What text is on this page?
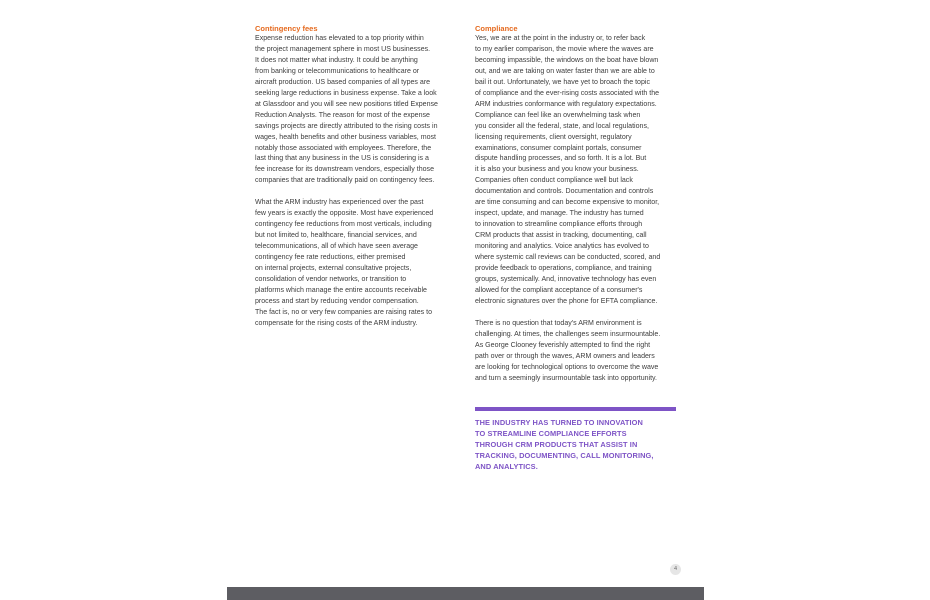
Contingency fees
Expense reduction has elevated to a top priority within
the project management sphere in most US businesses.
It does not matter what industry. It could be anything
from banking or telecommunications to healthcare or
aircraft production. US based companies of all types are
seeking large reductions in business expense. Take a look
at Glassdoor and you will see new positions titled Expense
Reduction Analysts. The reason for most of the expense
savings projects are directly attributed to the rising costs in
wages, health benefits and other business variables, most
notably those associated with employees. Therefore, the
last thing that any business in the US is considering is a
fee increase for its downstream vendors, especially those
companies that are traditionally paid on contingency fees.
What the ARM industry has experienced over the past
few years is exactly the opposite. Most have experienced
contingency fee reductions from most verticals, including
but not limited to, healthcare, financial services, and
telecommunications, all of which have seen average
contingency fee rate reductions, either premised
on internal projects, external consultative projects,
consolidation of vendor networks, or transition to
platforms which manage the entire accounts receivable
process and start by reducing vendor compensation.
The fact is, no or very few companies are raising rates to
compensate for the rising costs of the ARM industry.
Compliance
Yes, we are at the point in the industry or, to refer back
to my earlier comparison, the movie where the waves are
becoming impassible, the windows on the boat have blown
out, and we are taking on water faster than we are able to
bail it out. Unfortunately, we have yet to broach the topic
of compliance and the ever-rising costs associated with the
ARM industries conformance with regulatory expectations.
Compliance can feel like an overwhelming task when
you consider all the federal, state, and local regulations,
licensing requirements, client oversight, regulatory
examinations, consumer complaint portals, consumer
dispute handling processes, and so forth. It is a lot. But
it is also your business and you know your business.
Companies often conduct compliance well but lack
documentation and controls. Documentation and controls
are time consuming and can become expensive to monitor,
inspect, update, and manage. The industry has turned
to innovation to streamline compliance efforts through
CRM products that assist in tracking, documenting, call
monitoring and analytics. Voice analytics has evolved to
where systemic call reviews can be conducted, scored, and
provide feedback to operations, compliance, and training
groups, systemically. And, innovative technology has even
allowed for the compliant acceptance of a consumer's
electronic signatures over the phone for EFTA compliance.
There is no question that today's ARM environment is
challenging. At times, the challenges seem insurmountable.
As George Clooney feverishly attempted to find the right
path over or through the waves, ARM owners and leaders
are looking for technological options to overcome the wave
and turn a seemingly insurmountable task into opportunity.
THE INDUSTRY HAS TURNED TO INNOVATION
TO STREAMLINE COMPLIANCE EFFORTS
THROUGH CRM PRODUCTS THAT ASSIST IN
TRACKING, DOCUMENTING, CALL MONITORING,
AND ANALYTICS.
4
